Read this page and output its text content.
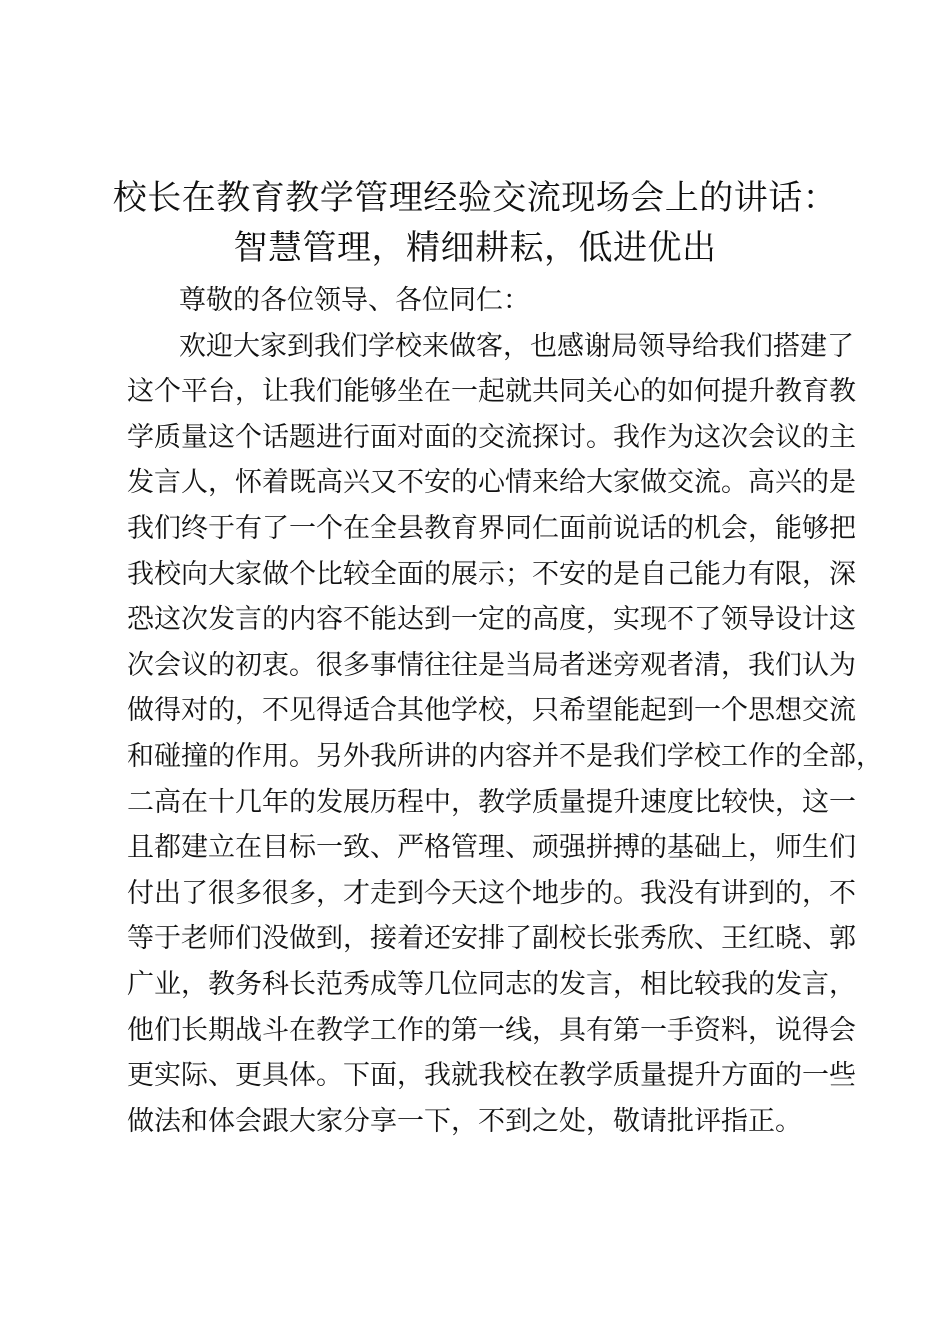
校长在教育教学管理经验交流现场会上的讲话：
智慧管理，精细耕耘，低进优出
尊敬的各位领导、各位同仁：
欢迎大家到我们学校来做客，也感谢局领导给我们搭建了
这个平台，让我们能够坐在一起就共同关心的如何提升教育教
学质量这个话题进行面对面的交流探讨。我作为这次会议的主
发言人，怀着既高兴又不安的心情来给大家做交流。高兴的是
我们终于有了一个在全县教育界同仁面前说话的机会，能够把
我校向大家做个比较全面的展示；不安的是自己能力有限，深
恐这次发言的内容不能达到一定的高度，实现不了领导设计这
次会议的初衷。很多事情往往是当局者迷旁观者清，我们认为
做得对的，不见得适合其他学校，只希望能起到一个思想交流
和碰撞的作用。另外我所讲的内容并不是我们学校工作的全部，
二高在十几年的发展历程中，教学质量提升速度比较快，这一
且都建立在目标一致、严格管理、顽强拼搏的基础上，师生们
付出了很多很多，才走到今天这个地步的。我没有讲到的，不
等于老师们没做到，接着还安排了副校长张秀欣、王红晓、郭
广业，教务科长范秀成等几位同志的发言，相比较我的发言，
他们长期战斗在教学工作的第一线，具有第一手资料，说得会
更实际、更具体。下面，我就我校在教学质量提升方面的一些
做法和体会跟大家分享一下，不到之处，敬请批评指正。
